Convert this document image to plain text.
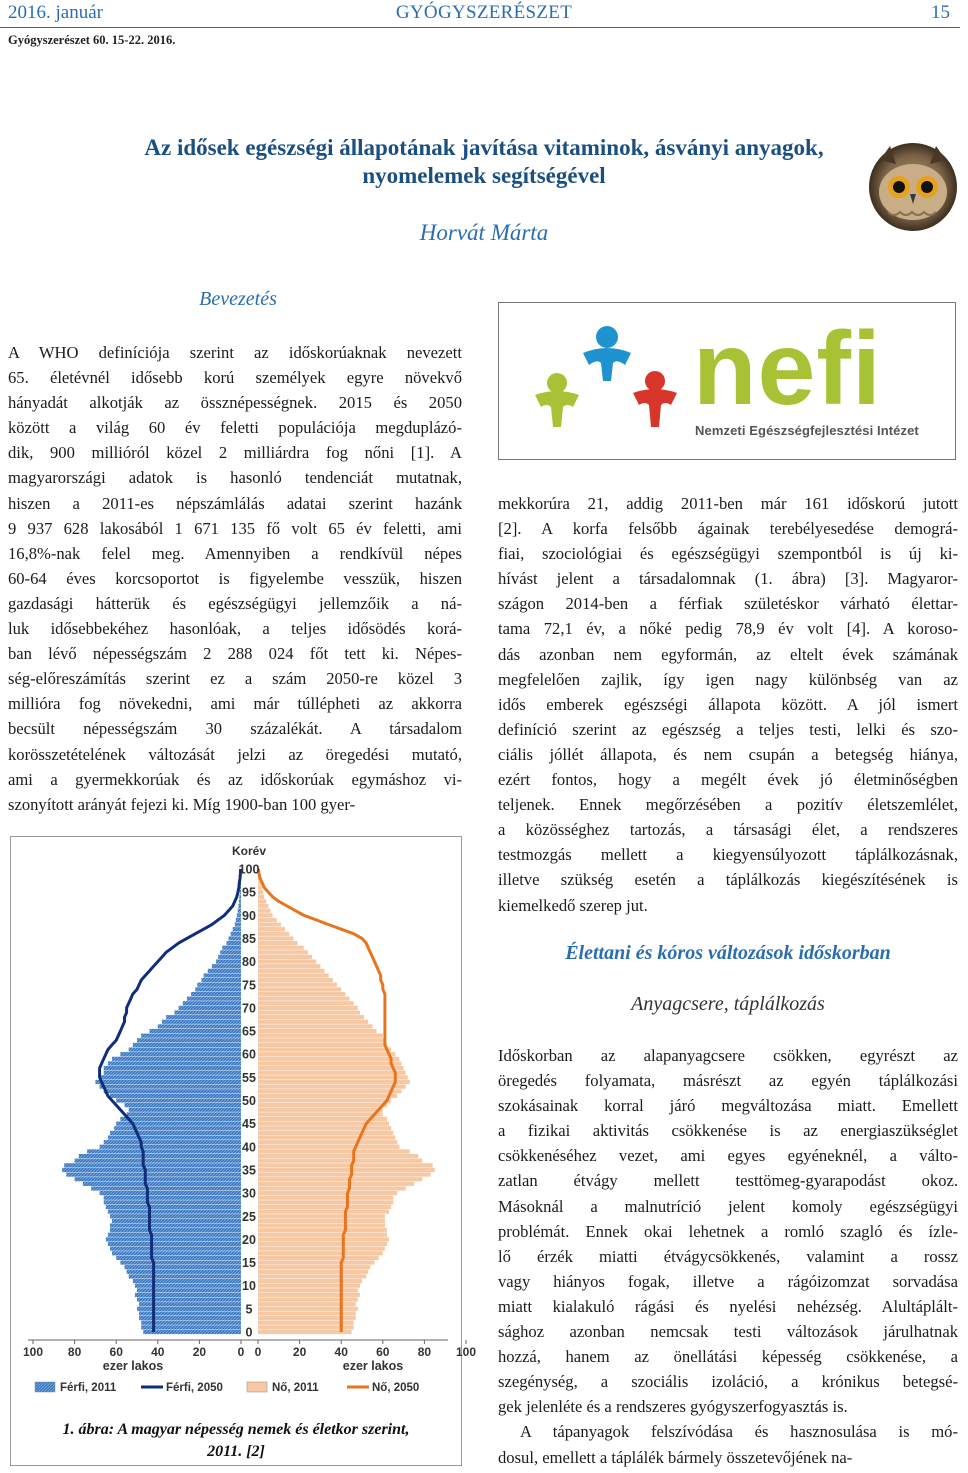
2016. január	GYÓGYSZERÉSZET	15
Gyógyszerészet 60. 15-22. 2016.
Az idősek egészségi állapotának javítása vitaminok, ásványi anyagok,
nyomelemek segítségével
Horvát Márta
Bevezetés
A WHO definíciója szerint az időskorúaknak nevezett
65. életévnél idősebb korú személyek egyre növekvő
hányadát alkotják az össznépességnek. 2015 és 2050
között a világ 60 év feletti populációja megduplázó-
dik, 900 millióról közel 2 milliárdra fog nőni [1]. A
magyarországi adatok is hasonló tendenciát mutatnak,
hiszen a 2011-es népszámlálás adatai szerint hazánk
9 937 628 lakosából 1 671 135 fő volt 65 év feletti, ami
16,8%-nak felel meg. Amennyiben a rendkívül népes
60-64 éves korcsoportot is figyelembe vesszük, hiszen
gazdasági hátterük és egészségügyi jellemzőik a ná-
luk idősebbekéhez hasonlóak, a teljes idősödés korá-
ban lévő népességszám 2 288 024 főt tett ki. Népes-
ség-előreszámítás szerint ez a szám 2050-re közel 3
millióra fog növekedni, ami már túllépheti az akkorra
becsült népességszám 30 százalékát. A társadalom
korösszetételének változását jelzi az öregedési mutató,
ami a gyermekkorúak és az időskorúak egymáshoz vi-
szonyított arányát fejezi ki. Míg 1900-ban 100 gyer-
0
5
10
15
20
25
30
35
40
45
50
55
60
65
70
75
80
85
90
95
100
Korév
100 80 60 40 20	0 0	20 40 60 80 100
ezer lakos	ezer lakos
Férfi, 2011	Férfi, 2050	Nő, 2011	Nő, 2050
1. ábra: A magyar népesség nemek és életkor szerint,
2011. [2]
nefi
Nemzeti Egészségfejlesztési Intézet
mekkorúra 21, addig 2011-ben már 161 időskorú jutott
[2]. A korfa felsőbb ágainak terebélyesedése demográ-
fiai, szociológiai és egészségügyi szempontból is új ki-
hívást jelent a társadalomnak (1. ábra) [3]. Magyaror-
szágon 2014-ben a férfiak születéskor várható élettar-
tama 72,1 év, a nőké pedig 78,9 év volt [4]. A koroso-
dás azonban nem egyformán, az eltelt évek számának
megfelelően zajlik, így igen nagy különbség van az
idős emberek egészségi állapota között. A jól ismert
definíció szerint az egészség a teljes testi, lelki és szo-
ciális jóllét állapota, és nem csupán a betegség hiánya,
ezért fontos, hogy a megélt évek jó életminőségben
teljenek. Ennek megőrzésében a pozitív életszemlélet,
a közösséghez tartozás, a társasági élet, a rendszeres
testmozgás mellett a kiegyensúlyozott táplálkozásnak,
illetve szükség esetén a táplálkozás kiegészítésének is
kiemelkedő szerep jut.
Élettani és kóros változások időskorban
Anyagcsere, táplálkozás
Időskorban az alapanyagcsere csökken, egyrészt az
öregedés folyamata, másrészt az egyén táplálkozási
szokásainak korral járó megváltozása miatt. Emellett
a fizikai aktivitás csökkenése is az energiaszükséglet
csökkenéséhez vezet, ami egyes egyéneknél, a válto-
zatlan étvágy mellett testtömeg-gyarapodást okoz.
Másoknál a malnutríció jelent komoly egészségügyi
problémát. Ennek okai lehetnek a romló szagló és ízle-
lő érzék miatti étvágycsökkenés, valamint a rossz
vagy hiányos fogak, illetve a rágóizomzat sorvadása
miatt kialakuló rágási és nyelési nehézség. Alultáplált-
sághoz azonban nemcsak testi változások járulhatnak
hozzá, hanem az önellátási képesség csökkenése, a
szegénység, a szociális izoláció, a krónikus betegsé-
gek jelenléte és a rendszeres gyógyszerfogyasztás is.
A tápanyagok felszívódása és hasznosulása is mó-
dosul, emellett a táplálék bármely összetevőjének na-
